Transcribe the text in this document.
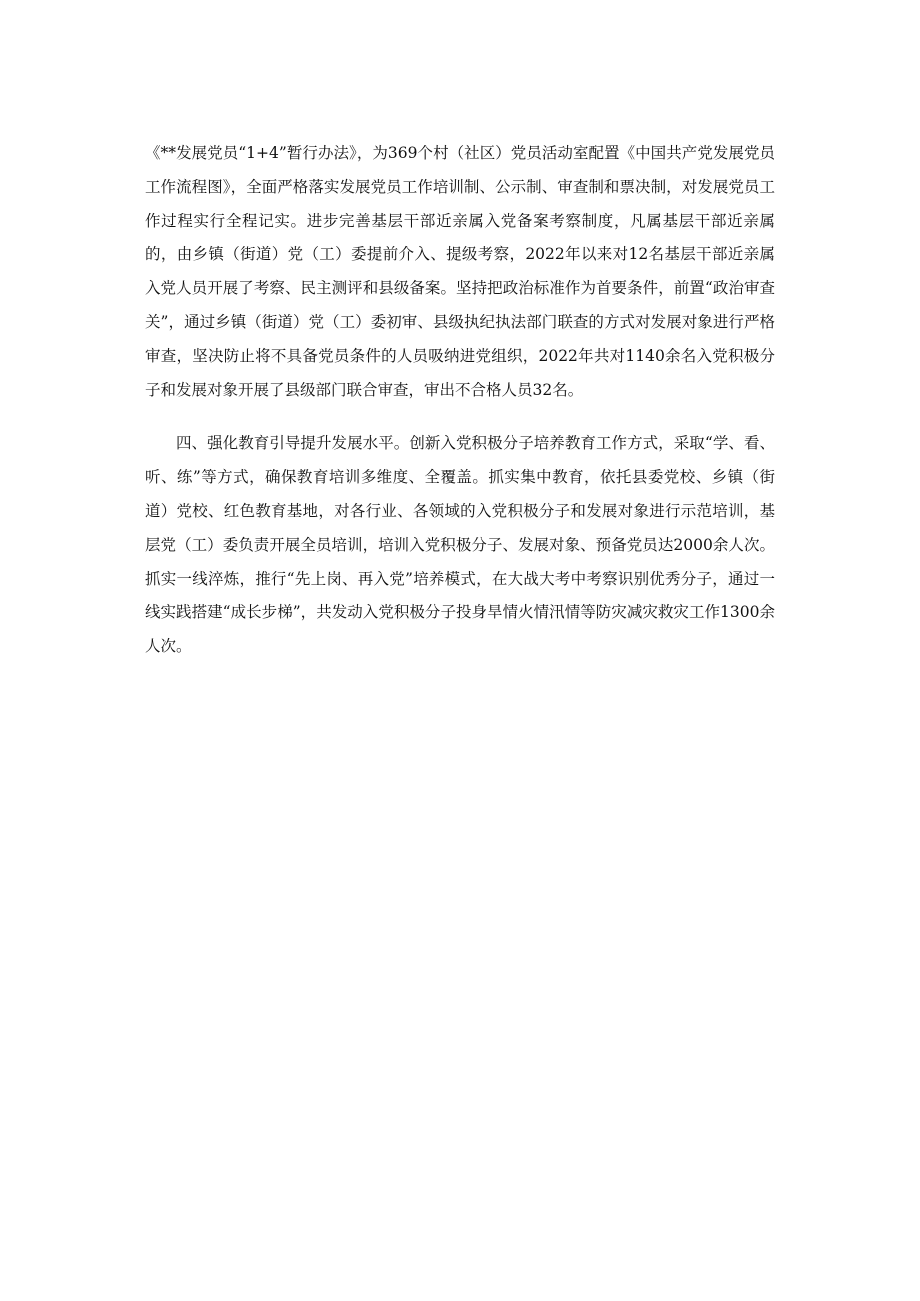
《**发展党员“1+4”暂行办法》，为369个村（社区）党员活动室配置《中国共产党发展党员工作流程图》，全面严格落实发展党员工作培训制、公示制、审查制和票决制，对发展党员工作过程实行全程记实。进步完善基层干部近亲属入党备案考察制度，凡属基层干部近亲属的，由乡镇（街道）党（工）委提前介入、提级考察，2022年以来对12名基层干部近亲属入党人员开展了考察、民主测评和县级备案。坚持把政治标准作为首要条件，前置“政治审查关”，通过乡镇（街道）党（工）委初审、县级执纪执法部门联查的方式对发展对象进行严格审查，坚决防止将不具备党员条件的人员吸纳进党组织，2022年共对1140余名入党积极分子和发展对象开展了县级部门联合审查，审出不合格人员32名。

四、强化教育引导提升发展水平。创新入党积极分子培养教育工作方式，采取“学、看、听、练”等方式，确保教育培训多维度、全覆盖。抓实集中教育，依托县委党校、乡镇（街道）党校、红色教育基地，对各行业、各领域的入党积极分子和发展对象进行示范培训，基层党（工）委负责开展全员培训，培训入党积极分子、发展对象、预备党员达2000余人次。抓实一线淬炼，推行“先上岗、再入党”培养模式，在大战大考中考察识别优秀分子，通过一线实践搭建“成长步梯”，共发动入党积极分子投身旱情火情汛情等防灾减灾救灾工作1300余人次。
